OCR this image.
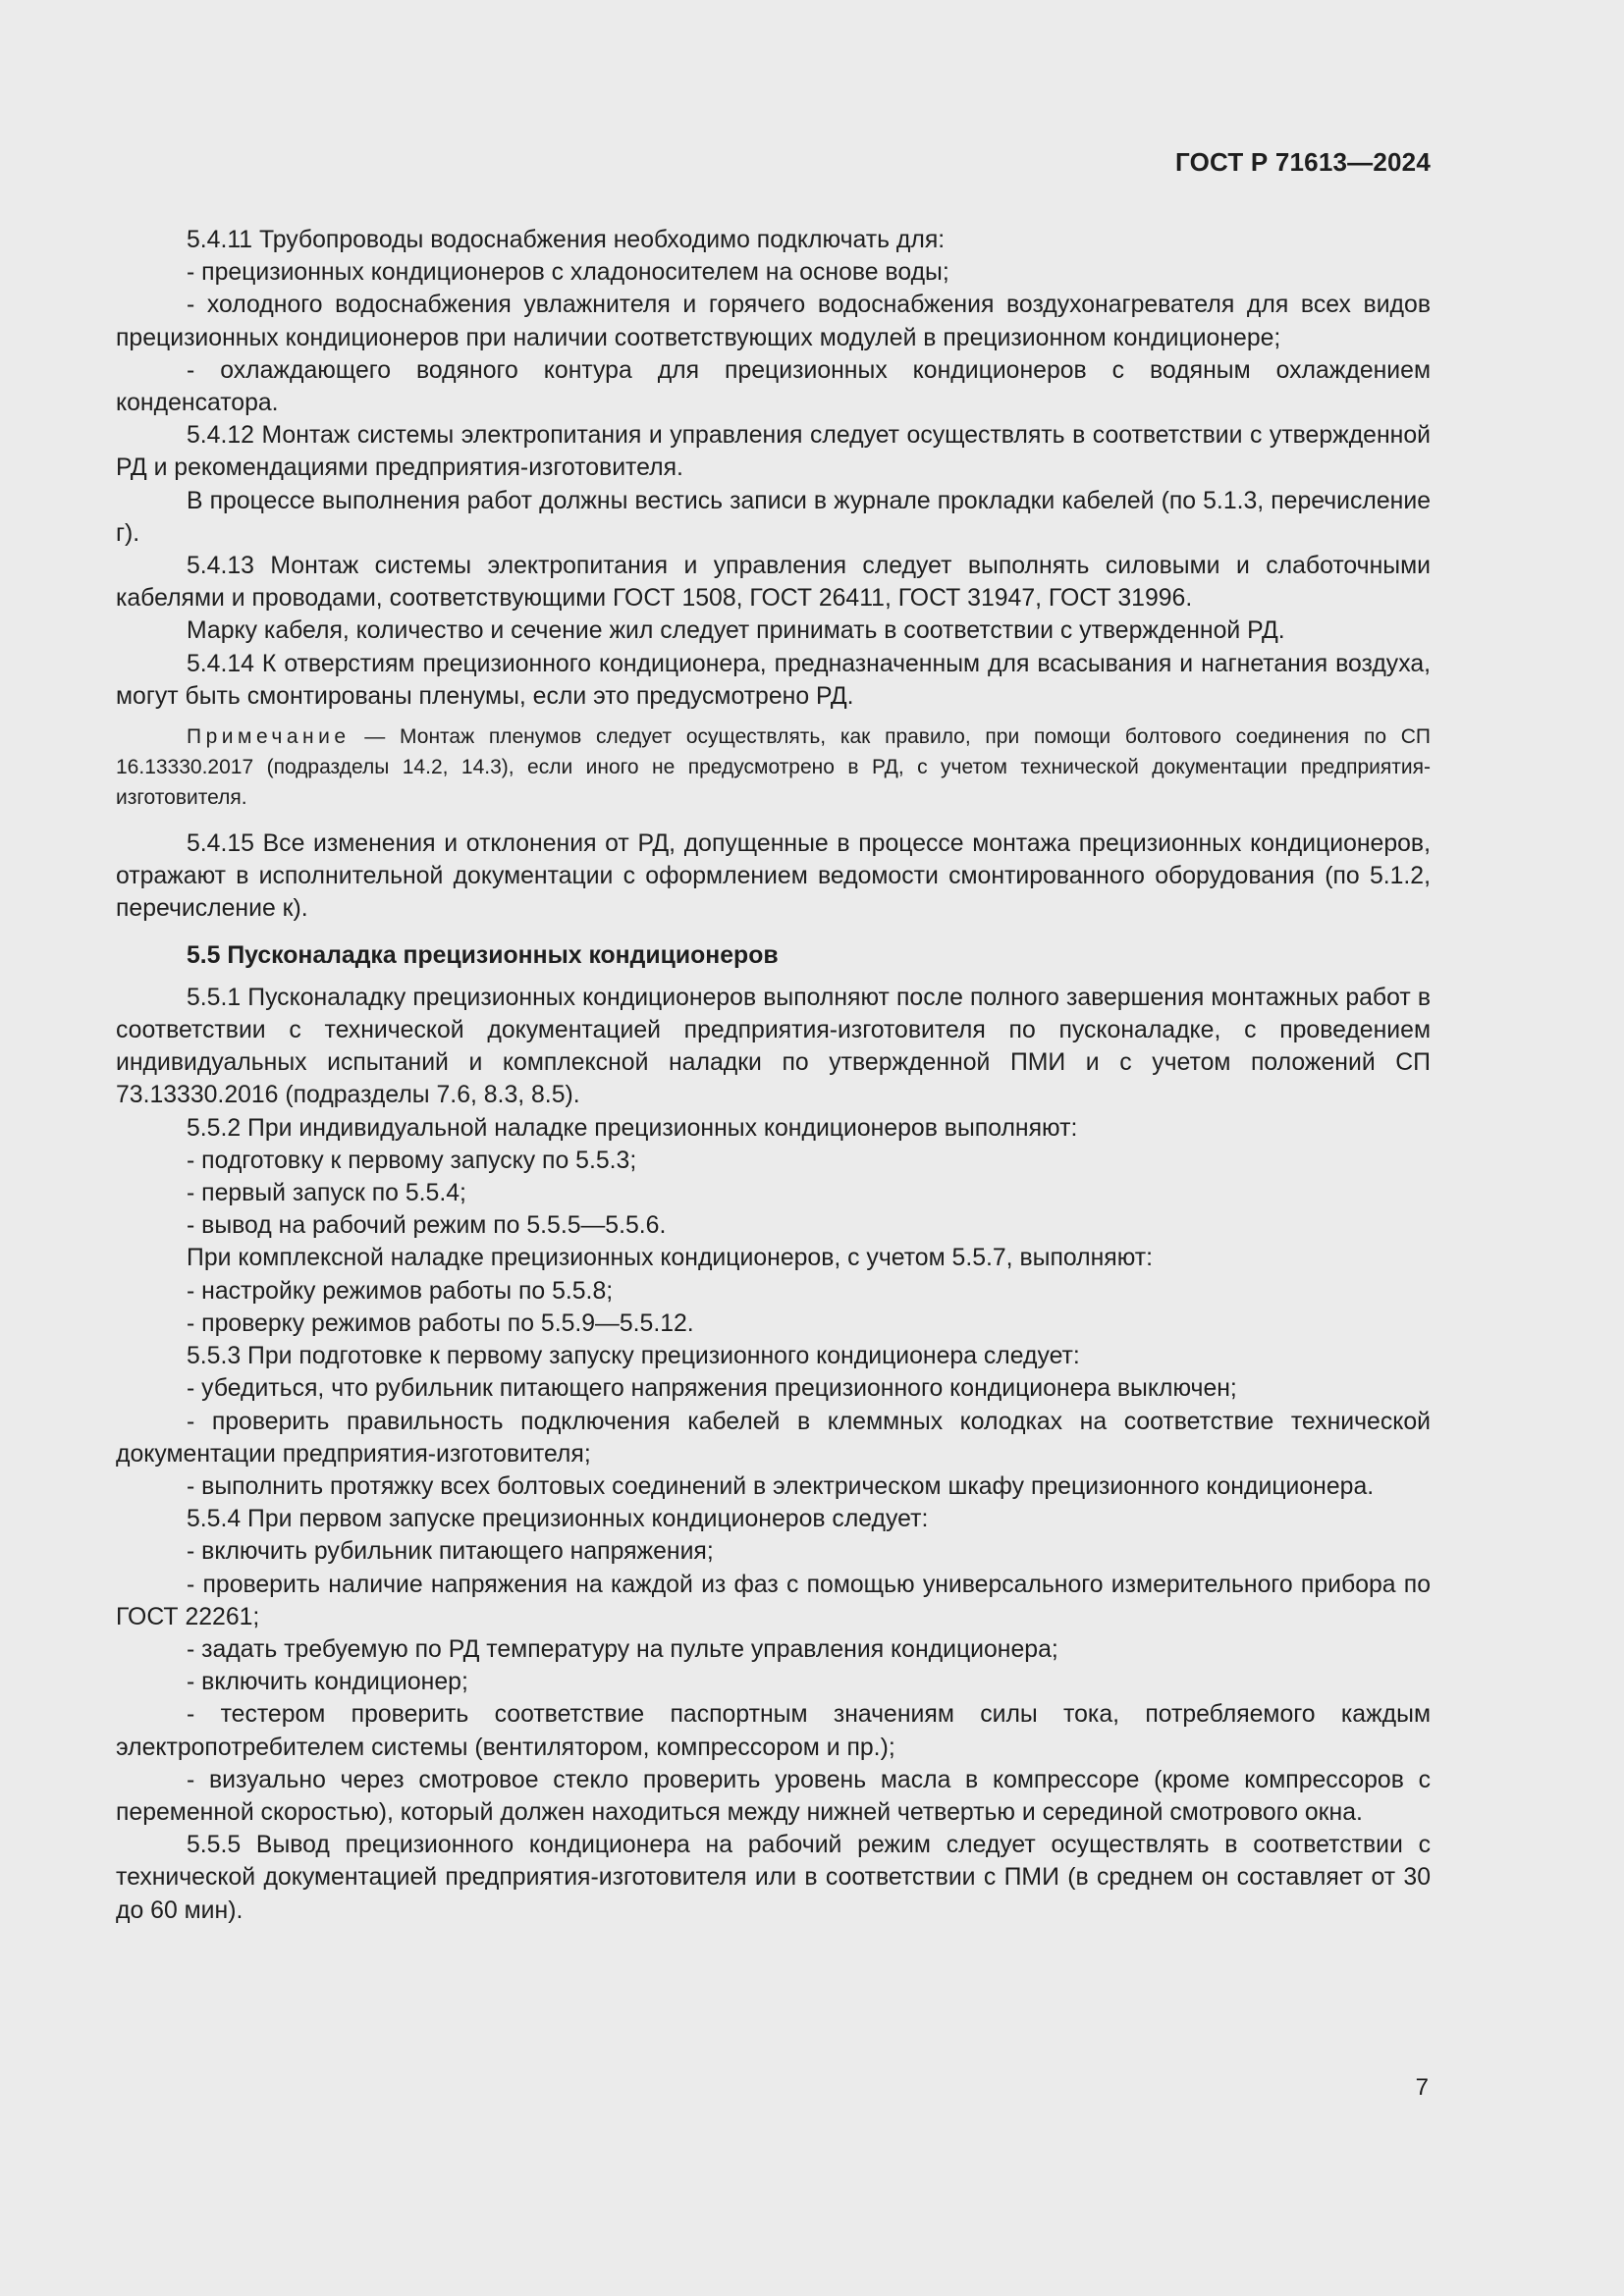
ГОСТ Р 71613—2024

5.4.11 Трубопроводы водоснабжения необходимо подключать для:

- прецизионных кондиционеров с хладоносителем на основе воды;

- холодного водоснабжения увлажнителя и горячего водоснабжения воздухонагревателя для всех видов прецизионных кондиционеров при наличии соответствующих модулей в прецизионном кондиционере;

- охлаждающего водяного контура для прецизионных кондиционеров с водяным охлаждением конденсатора.

5.4.12 Монтаж системы электропитания и управления следует осуществлять в соответствии с утвержденной РД и рекомендациями предприятия-изготовителя.

В процессе выполнения работ должны вестись записи в журнале прокладки кабелей (по 5.1.3, перечисление г).

5.4.13 Монтаж системы электропитания и управления следует выполнять силовыми и слаботочными кабелями и проводами, соответствующими ГОСТ 1508, ГОСТ 26411, ГОСТ 31947, ГОСТ 31996.

Марку кабеля, количество и сечение жил следует принимать в соответствии с утвержденной РД.

5.4.14 К отверстиям прецизионного кондиционера, предназначенным для всасывания и нагнетания воздуха, могут быть смонтированы пленумы, если это предусмотрено РД.

Примечание — Монтаж пленумов следует осуществлять, как правило, при помощи болтового соединения по СП 16.13330.2017 (подразделы 14.2, 14.3), если иного не предусмотрено в РД, с учетом технической документации предприятия-изготовителя.

5.4.15 Все изменения и отклонения от РД, допущенные в процессе монтажа прецизионных кондиционеров, отражают в исполнительной документации с оформлением ведомости смонтированного оборудования (по 5.1.2, перечисление к).

5.5 Пусконаладка прецизионных кондиционеров

5.5.1 Пусконаладку прецизионных кондиционеров выполняют после полного завершения монтажных работ в соответствии с технической документацией предприятия-изготовителя по пусконаладке, с проведением индивидуальных испытаний и комплексной наладки по утвержденной ПМИ и с учетом положений СП 73.13330.2016 (подразделы 7.6, 8.3, 8.5).

5.5.2 При индивидуальной наладке прецизионных кондиционеров выполняют:

- подготовку к первому запуску по 5.5.3;

- первый запуск по 5.5.4;

- вывод на рабочий режим по 5.5.5—5.5.6.

При комплексной наладке прецизионных кондиционеров, с учетом 5.5.7, выполняют:

- настройку режимов работы по 5.5.8;

- проверку режимов работы по 5.5.9—5.5.12.

5.5.3 При подготовке к первому запуску прецизионного кондиционера следует:

- убедиться, что рубильник питающего напряжения прецизионного кондиционера выключен;

- проверить правильность подключения кабелей в клеммных колодках на соответствие технической документации предприятия-изготовителя;

- выполнить протяжку всех болтовых соединений в электрическом шкафу прецизионного кондиционера.

5.5.4 При первом запуске прецизионных кондиционеров следует:

- включить рубильник питающего напряжения;

- проверить наличие напряжения на каждой из фаз с помощью универсального измерительного прибора по ГОСТ 22261;

- задать требуемую по РД температуру на пульте управления кондиционера;

- включить кондиционер;

- тестером проверить соответствие паспортным значениям силы тока, потребляемого каждым электропотребителем системы (вентилятором, компрессором и пр.);

- визуально через смотровое стекло проверить уровень масла в компрессоре (кроме компрессоров с переменной скоростью), который должен находиться между нижней четвертью и серединой смотрового окна.

5.5.5 Вывод прецизионного кондиционера на рабочий режим следует осуществлять в соответствии с технической документацией предприятия-изготовителя или в соответствии с ПМИ (в среднем он составляет от 30 до 60 мин).

7
